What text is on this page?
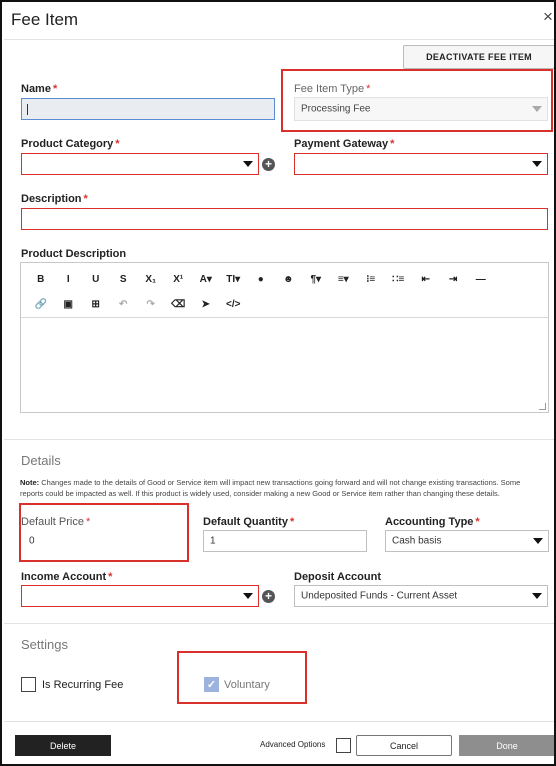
Fee Item	×
DEACTIVATE FEE ITEM
Name *	Fee Item Type *
Processing Fee
Product Category *
+
Payment Gateway *
Description *
Product Description
B	I	U	S	X₁	X¹	A▾	TI▾	●	☻	¶▾	≡▾	⁝≡	∷≡	⇤	⇥	—
🔗	▣	⊞	↶	↷	⌫	➤	</>
Details
Note: Changes made to the details of Good or Service item will impact new transactions going forward and will not change existing transactions. Some reports could be impacted as well. If this product is widely used, consider making a new Good or Service item rather than changing these details.
Default Price *
0
Default Quantity *
1
Accounting Type *
Cash basis
Income Account *
+
Deposit Account
Undeposited Funds - Current Asset
Settings
Is Recurring Fee	✓ Voluntary
Delete	Advanced Options	Cancel	Done
